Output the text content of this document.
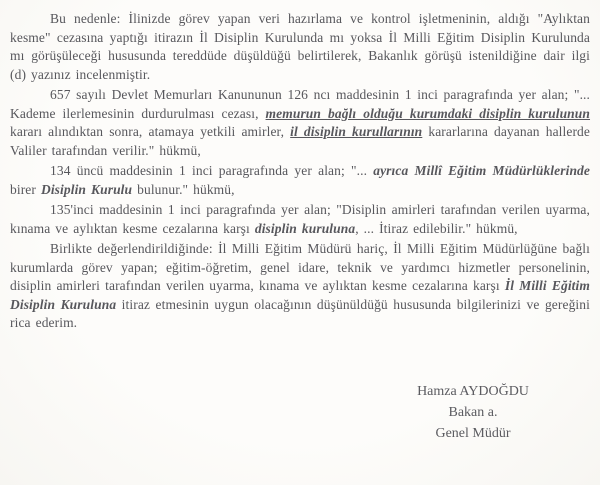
Bu nedenle: İlinizde görev yapan veri hazırlama ve kontrol işletmeninin, aldığı "Aylıktan kesme" cezasına yaptığı itirazın İl Disiplin Kurulunda mı yoksa İl Milli Eğitim Disiplin Kurulunda mı görüşüleceği hususunda tereddüde düşüldüğü belirtilerek, Bakanlık görüşü istenildiğine dair ilgi (d) yazınız incelenmiştir.

657 sayılı Devlet Memurları Kanununun 126 ncı maddesinin 1 inci paragrafında yer alan; "... Kademe ilerlemesinin durdurulması cezası, memurun bağlı olduğu kurumdaki disiplin kurulunun kararı alındıktan sonra, atamaya yetkili amirler, il disiplin kurullarının kararlarına dayanan hallerde Valiler tarafından verilir." hükmü,

134 üncü maddesinin 1 inci paragrafında yer alan; "... ayrıca Millî Eğitim Müdürlüklerinde birer Disiplin Kurulu bulunur." hükmü,

135'inci maddesinin 1 inci paragrafında yer alan; "Disiplin amirleri tarafından verilen uyarma, kınama ve aylıktan kesme cezalarına karşı disiplin kuruluna, ... İtiraz edilebilir." hükmü,

Birlikte değerlendirildiğinde: İl Milli Eğitim Müdürü hariç, İl Milli Eğitim Müdürlüğüne bağlı kurumlarda görev yapan; eğitim-öğretim, genel idare, teknik ve yardımcı hizmetler personelinin, disiplin amirleri tarafından verilen uyarma, kınama ve aylıktan kesme cezalarına karşı İl Milli Eğitim Disiplin Kuruluna itiraz etmesinin uygun olacağının düşünüldüğü hususunda bilgilerinizi ve gereğini rica ederim.

Hamza AYDOĞDU
Bakan a.
Genel Müdür
